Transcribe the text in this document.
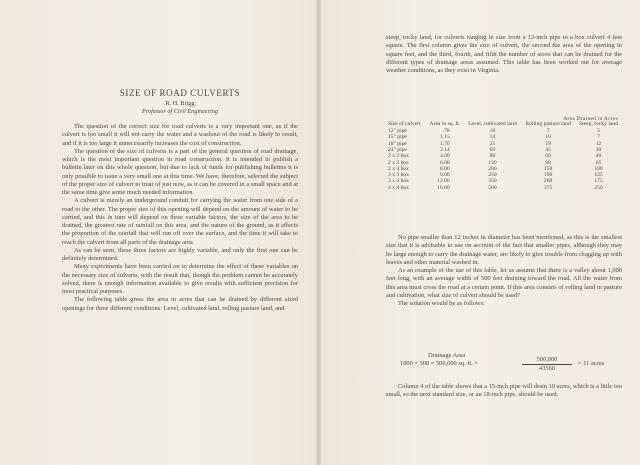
SIZE OF ROAD CULVERTS
R. H. Brigg
Professor of Civil Engineering

The question of the correct size for road culverts is a very important one, as if the culvert is too small it will not carry the water and a washout of the road is likely to result, and if it is too large it unnecessarily increases the cost of construction.

The question of the size of culverts is a part of the general question of road drainage, which is the most important question in road construction. It is intended to publish a bulletin later on this whole question, but due to lack of funds for publishing bulletins it is only possible to issue a very small one at this time. We have, therefore, selected the subject of the proper size of culvert to treat of just now, as it can be covered in a small space and at the same time give some much needed information.

A culvert is merely an underground conduit for carrying the water from one side of a road to the other. The proper size of this opening will depend on the amount of water to be carried, and this in turn will depend on three variable factors, the size of the area to be drained, the greatest rate of rainfall on this area, and the nature of the ground, as it affects the proportion of the rainfall that will run off over the surface, and the time it will take to reach the culvert from all parts of the drainage area.

As can be seen, these three factors are highly variable, and only the first one can be definitely determined.

Many experiments have been carried on to determine the effect of these variables on the necessary size of culverts, with the result that, though the problem cannot be accurately solved, there is enough information available to give results with sufficient precision for most practical purposes.

The following table gives the area in acres that can be drained by different sized openings for three different conditions: Level, cultivated land, rolling pasture land, and

steep, rocky land, for culverts ranging in size from a 12-inch pipe to a box culvert 4 feet square. The first column gives the size of culvert, the second the area of the opening in square feet, and the third, fourth, and fifth the number of acres that can be drained for the different types of drainage areas assumed. This table has been worked out for average weather conditions, as they exist in Virginia.

Area Drained in Acres
Size of culvert	Area in sq. ft.	Level, cultivated land	Rolling pasture land	Steep, rocky land
12" pipe	.78	10	7	5
15" pipe	1.15	14	10	7
18" pipe	1.76	25	18	12
24" pipe	3.14	60	45	30
2 x 2 box	4.00	80	60	40
2 x 3 box	6.00	130	90	65
2 x 4 box	8.00	200	150	100
3 x 3 box	9.00	250	190	125
3 x 4 box	12.00	350	260	175
4 x 4 box	16.00	500	375	250

No pipe smaller than 12 inches in diameter has been mentioned, as this is the smallest size that it is advisable to use on account of the fact that smaller pipes, although they may be large enough to carry the drainage water, are likely to give trouble from clogging up with leaves and other material washed in.

As an example of the use of this table, let us assume that there is a valley about 1,000 feet long, with an average width of 500 feet draining toward the road. All the water from this area must cross the road at a certain point. If this area consists of rolling land in pasture and cultivation, what size of culvert should be used?

The solution would be as follows:

Drainage Area
1000 × 500 = 500,000 sq. ft. =	$\frac{500,000}{43560} = 11$ acres

Column 4 of the table shows that a 15-inch pipe will drain 10 acres, which is a little too small, so the next standard size, or an 18-inch pipe, should be used.
